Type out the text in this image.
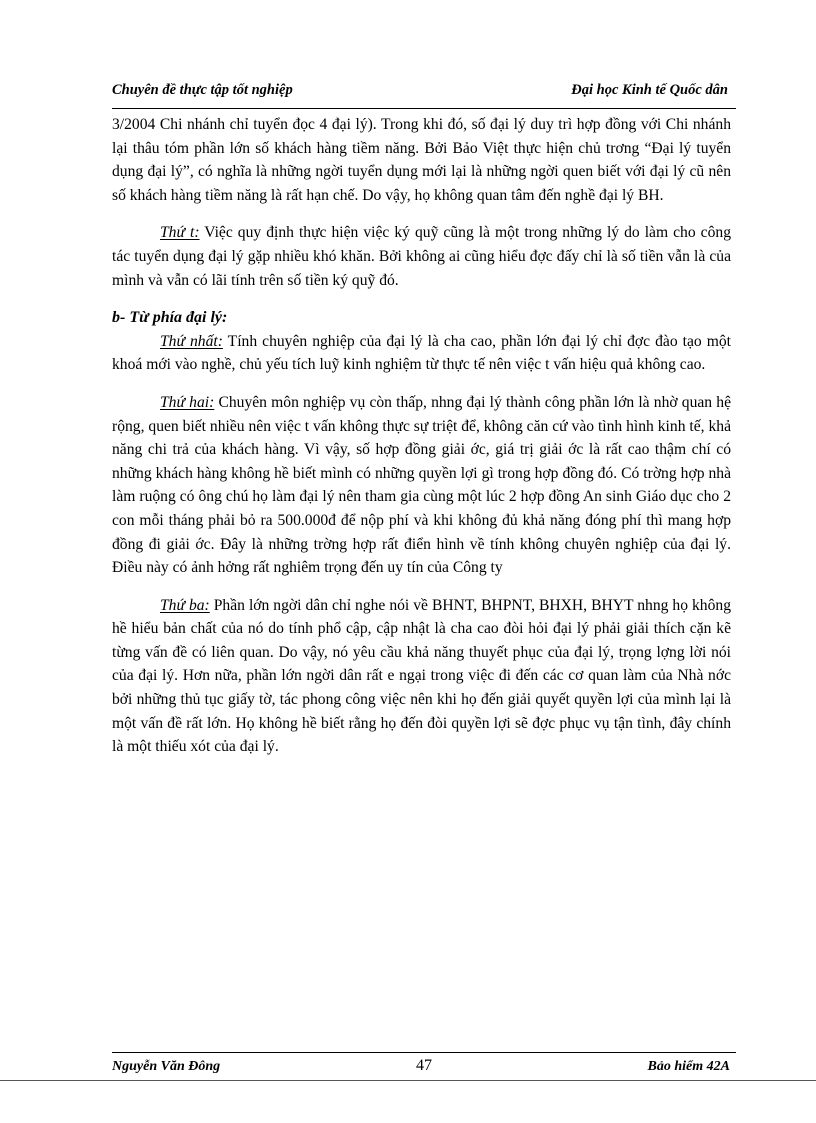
Chuyên đề thực tập tốt nghiệp	Đại học Kinh tế Quốc dân

3/2004 Chi nhánh chỉ tuyển đọc 4 đại lý). Trong khi đó, số đại lý duy trì hợp đồng với Chi nhánh lại thâu tóm phần lớn số khách hàng tiềm năng. Bởi Bảo Việt thực hiện chủ trơng “Đại lý tuyển dụng đại lý”, có nghĩa là những ngời tuyển dụng mới lại là những ngời quen biết với đại lý cũ nên số khách hàng tiềm năng là rất hạn chế. Do vậy, họ không quan tâm đến nghề đại lý BH.

Thứ t: Việc quy định thực hiện việc ký quỹ cũng là một trong những lý do làm cho công tác tuyển dụng đại lý gặp nhiều khó khăn. Bởi không ai cũng hiểu đợc đấy chỉ là số tiền vẫn là của mình và vẫn có lãi tính trên số tiền ký quỹ đó.

b- Từ phía đại lý:

Thứ nhất: Tính chuyên nghiệp của đại lý là cha cao, phần lớn đại lý chỉ đợc đào tạo một khoá mới vào nghề, chủ yếu tích luỹ kinh nghiệm từ thực tế nên việc t vấn hiệu quả không cao.

Thứ hai: Chuyên môn nghiệp vụ còn thấp, nhng đại lý thành công phần lớn là nhờ quan hệ rộng, quen biết nhiều nên việc t vấn không thực sự triệt để, không căn cứ vào tình hình kinh tế, khả năng chi trả của khách hàng. Vì vậy, số hợp đồng giải ớc, giá trị giải ớc là rất cao thậm chí có những khách hàng không hề biết mình có những quyền lợi gì trong hợp đồng đó. Có trờng hợp nhà làm ruộng có ông chú họ làm đại lý nên tham gia cùng một lúc 2 hợp đồng An sinh Giáo dục cho 2 con mỗi tháng phải bỏ ra 500.000đ để nộp phí và khi không đủ khả năng đóng phí thì mang hợp đồng đi giải ớc. Đây là những trờng hợp rất điển hình về tính không chuyên nghiệp của đại lý. Điều này có ảnh hởng rất nghiêm trọng đến uy tín của Công ty

Thứ ba: Phần lớn ngời dân chỉ nghe nói về BHNT, BHPNT, BHXH, BHYT nhng họ không hề hiểu bản chất của nó do tính phổ cập, cập nhật là cha cao đòi hỏi đại lý phải giải thích cặn kẽ từng vấn đề có liên quan. Do vậy, nó yêu cầu khả năng thuyết phục của đại lý, trọng lợng lời nói của đại lý. Hơn nữa, phần lớn ngời dân rất e ngại trong việc đi đến các cơ quan làm của Nhà nớc bởi những thủ tục giấy tờ, tác phong công việc nên khi họ đến giải quyết quyền lợi của mình lại là một vấn đề rất lớn. Họ không hề biết rằng họ đến đòi quyền lợi sẽ đợc phục vụ tận tình, đây chính là một thiếu xót của đại lý.

Nguyễn Văn Đông	47	Bảo hiểm 42A
